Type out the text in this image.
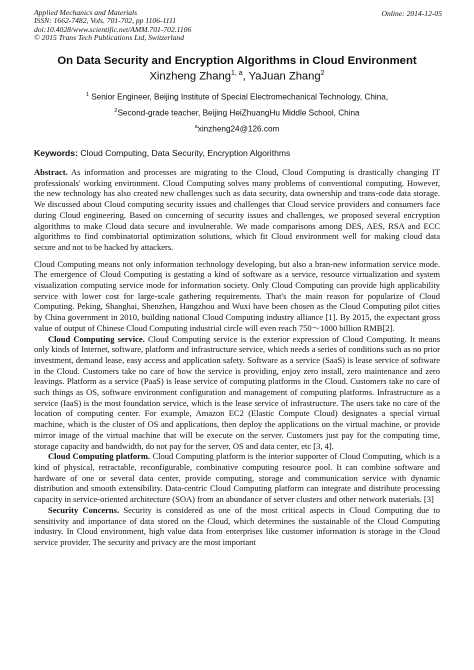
Applied Mechanics and Materials
ISSN: 1662-7482, Vols. 701-702, pp 1106-1111
doi:10.4028/www.scientific.net/AMM.701-702.1106
© 2015 Trans Tech Publications Ltd, Switzerland
Online: 2014-12-05
On Data Security and Encryption Algorithms in Cloud Environment
Xinzheng Zhang$^{1, a}$, YaJuan Zhang$^2$
$^1$ Senior Engineer, Beijing Institute of Special Electromechanical Technology, China,
$^2$Second-grade teacher, Beijing HeiZhuangHu Middle School, China
$^a$xinzheng24@126.com
Keywords: Cloud Computing, Data Security, Encryption Algorithms

Abstract. As information and processes are migrating to the Cloud, Cloud Computing is drastically changing IT professionals' working environment. Cloud Computing solves many problems of conventional computing. However, the new technology has also created new challenges such as data security, data ownership and trans-code data storage. We discussed about Cloud computing security issues and challenges that Cloud service providers and consumers face during Cloud engineering. Based on concerning of security issues and challenges, we proposed several encryption algorithms to make Cloud data secure and invulnerable. We made comparisons among DES, AES, RSA and ECC algorithms to find combinatorial optimization solutions, which fit Cloud environment well for making cloud data secure and not to be hacked by attackers.

Cloud Computing means not only information technology developing, but also a bran-new information service mode. The emergence of Cloud Computing is gestating a kind of software as a service, resource virtualization and system visualization computing service mode for information society. Only Cloud Computing can provide high applicability service with lower cost for large-scale gathering requirements. That's the main reason for popularize of Cloud Computing. Peking, Shanghai, Shenzhen, Hangzhou and Wuxi have been chosen as the Cloud Computing pilot cities by China government in 2010, building national Cloud Computing industry alliance [1]. By 2015, the expectant gross value of output of Chinese Cloud Computing industrial circle will even reach 750～1000 billion RMB[2].

Cloud Computing service. Cloud Computing service is the exterior expression of Cloud Computing. It means only kinds of Internet, software, platform and infrastructure service, which needs a series of conditions such as no prior investment, demand lease, easy access and application safety. Software as a service (SaaS) is lease service of software in the Cloud. Customers take no care of how the service is providing, enjoy zero install, zero maintenance and zero leavings. Platform as a service (PaaS) is lease service of computing platforms in the Cloud. Customers take no care of such things as OS, software environment configuration and management of computing platforms. Infrastructure as a service (IaaS) is the most foundation service, which is the lease service of infrastructure. The users take no care of the location of computing center. For example, Amazon EC2 (Elastic Compute Cloud) designates a special virtual machine, which is the cluster of OS and applications, then deploy the applications on the virtual machine, or provide mirror image of the virtual machine that will be execute on the server. Customers just pay for the computing time, storage capacity and bandwidth, do not pay for the server, OS and data center, etc [3, 4].

Cloud Computing platform. Cloud Computing platform is the interior supporter of Cloud Computing, which is a kind of physical, retractable, reconfigurable, combinative computing resource pool. It can combine software and hardware of one or several data center, provide computing, storage and communication service with dynamic distribution and smooth extensibility. Data-centric Cloud Computing platform can integrate and distribute processing capacity in service-oriented architecture (SOA) from an abundance of server clusters and other network materials. [3]

Security Concerns. Security is considered as one of the most critical aspects in Cloud Computing due to sensitivity and importance of data stored on the Cloud, which determines the sustainable of the Cloud Computing industry. In Cloud environment, high value data from enterprises like customer information is storage in the Cloud service provider. The security and privacy are the most important
